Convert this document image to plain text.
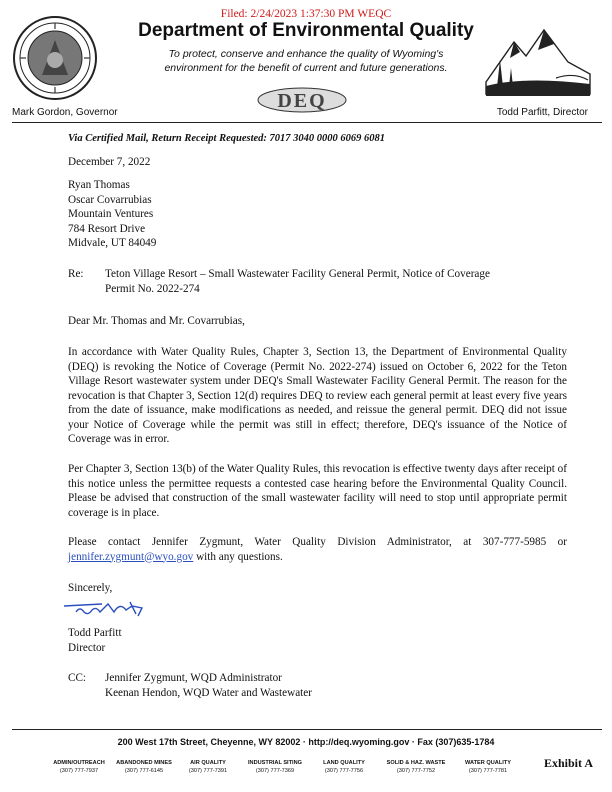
Filed: 2/24/2023 1:37:30 PM WEQC
Department of Environmental Quality
To protect, conserve and enhance the quality of Wyoming's
environment for the benefit of current and future generations.
DEQ
Mark Gordon, Governor	Todd Parfitt, Director
Via Certified Mail, Return Receipt Requested: 7017 3040 0000 6069 6081
December 7, 2022
Ryan Thomas
Oscar Covarrubias
Mountain Ventures
784 Resort Drive
Midvale, UT 84049
Re: Teton Village Resort – Small Wastewater Facility General Permit, Notice of Coverage
Permit No. 2022-274
Dear Mr. Thomas and Mr. Covarrubias,
In accordance with Water Quality Rules, Chapter 3, Section 13, the Department of Environmental Quality (DEQ) is revoking the Notice of Coverage (Permit No. 2022-274) issued on October 6, 2022 for the Teton Village Resort wastewater system under DEQ's Small Wastewater Facility General Permit. The reason for the revocation is that Chapter 3, Section 12(d) requires DEQ to review each general permit at least every five years from the date of issuance, make modifications as needed, and reissue the general permit. DEQ did not issue your Notice of Coverage while the permit was still in effect; therefore, DEQ's issuance of the Notice of Coverage was in error.
Per Chapter 3, Section 13(b) of the Water Quality Rules, this revocation is effective twenty days after receipt of this notice unless the permittee requests a contested case hearing before the Environmental Quality Council. Please be advised that construction of the small wastewater facility will need to stop until appropriate permit coverage is in place.
Please contact Jennifer Zygmunt, Water Quality Division Administrator, at 307-777-5985 or jennifer.zygmunt@wyo.gov with any questions.
Sincerely,
Todd Parfitt
Director
CC: Jennifer Zygmunt, WQD Administrator
Keenan Hendon, WQD Water and Wastewater
200 West 17th Street, Cheyenne, WY 82002 · http://deq.wyoming.gov · Fax (307)635-1784
ADMIN/OUTREACH
(307) 777-7937
ABANDONED MINES
(307) 777-6145
AIR QUALITY
(307) 777-7391
INDUSTRIAL SITING
(307) 777-7369
LAND QUALITY
(307) 777-7756
SOLID & HAZ. WASTE
(307) 777-7752
WATER QUALITY
(307) 777-7781
Exhibit A
